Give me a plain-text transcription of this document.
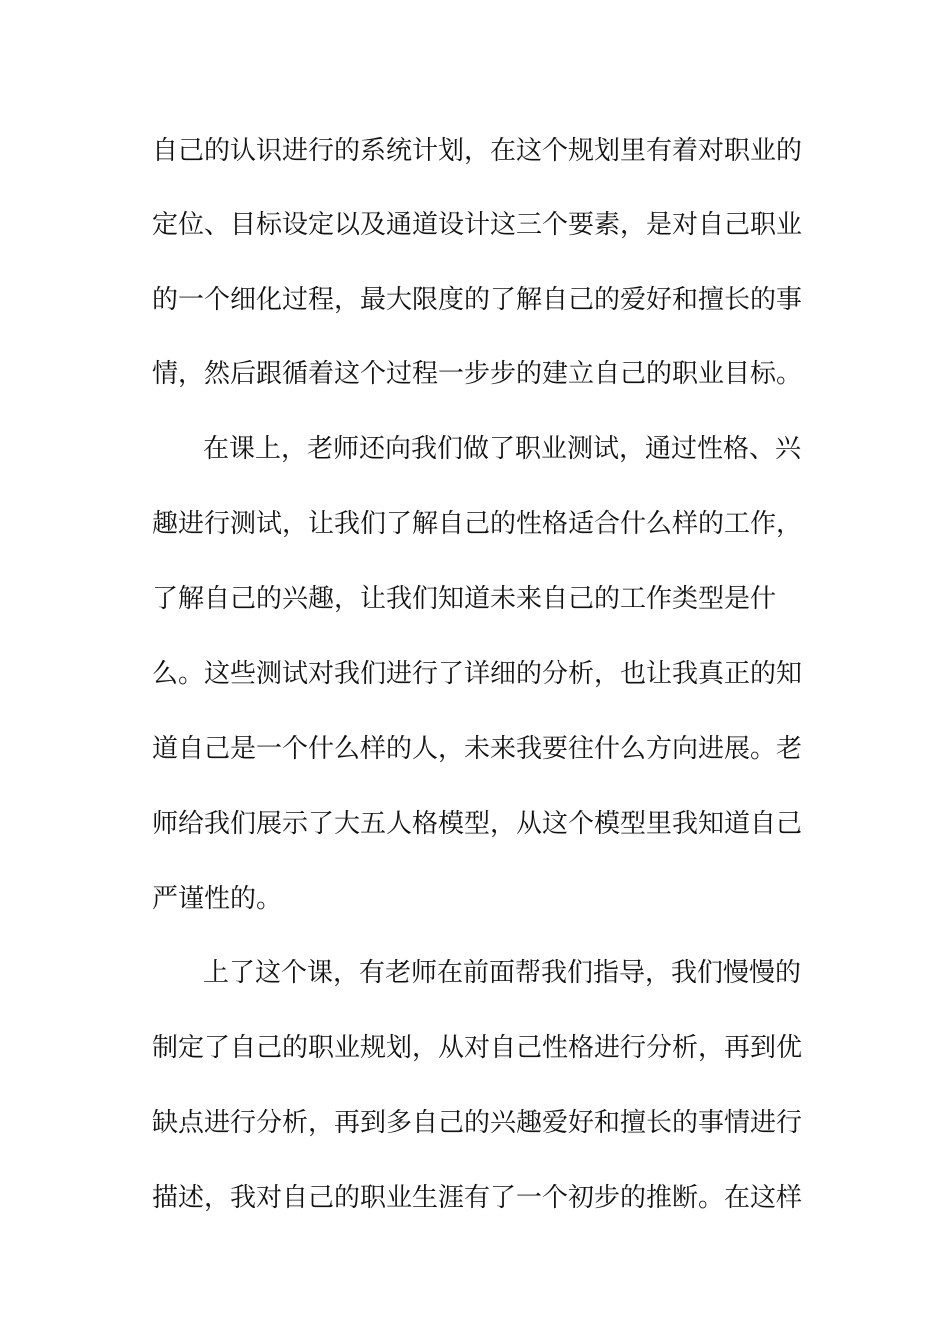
自己的认识进行的系统计划，在这个规划里有着对职业的
定位、目标设定以及通道设计这三个要素，是对自己职业
的一个细化过程，最大限度的了解自己的爱好和擅长的事
情，然后跟循着这个过程一步步的建立自己的职业目标。
在课上，老师还向我们做了职业测试，通过性格、兴
趣进行测试，让我们了解自己的性格适合什么样的工作，
了解自己的兴趣，让我们知道未来自己的工作类型是什
么。这些测试对我们进行了详细的分析，也让我真正的知
道自己是一个什么样的人，未来我要往什么方向进展。老
师给我们展示了大五人格模型，从这个模型里我知道自己
严谨性的。
上了这个课，有老师在前面帮我们指导，我们慢慢的
制定了自己的职业规划，从对自己性格进行分析，再到优
缺点进行分析，再到多自己的兴趣爱好和擅长的事情进行
描述，我对自己的职业生涯有了一个初步的推断。在这样
